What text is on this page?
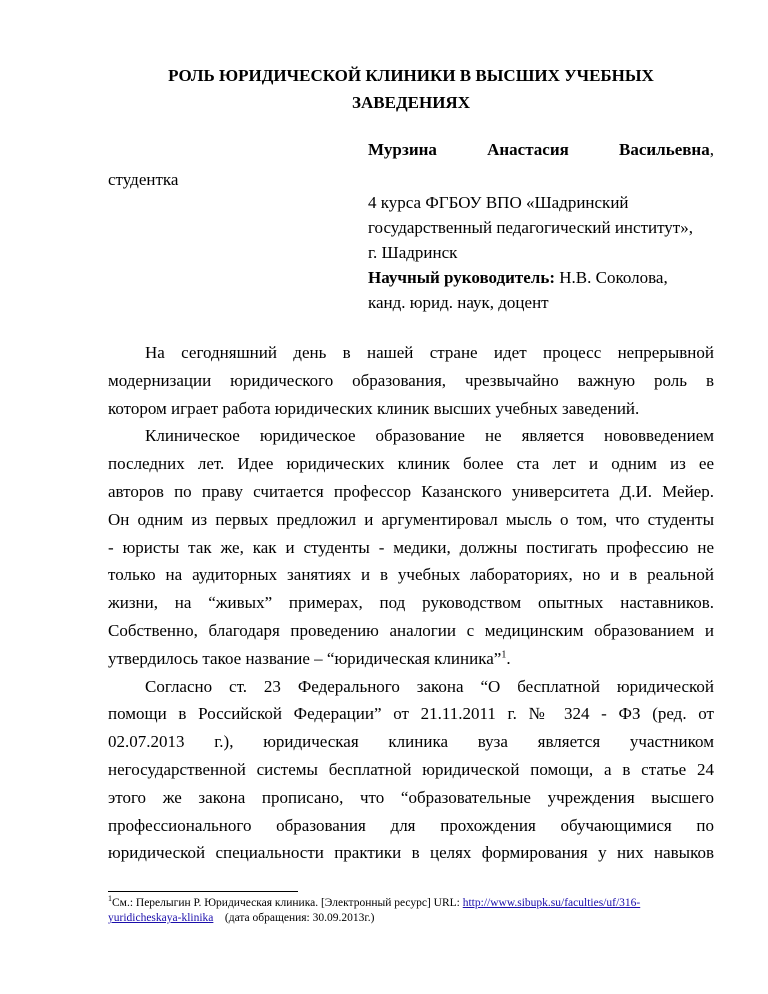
РОЛЬ ЮРИДИЧЕСКОЙ КЛИНИКИ В ВЫСШИХ УЧЕБНЫХ
ЗАВЕДЕНИЯХ
Мурзина	Анастасия	Васильевна,
студентка
4 курса ФГБОУ ВПО «Шадринский
государственный педагогический институт»,
г. Шадринск
Научный руководитель: Н.В. Соколова,
канд. юрид. наук, доцент
На сегодняшний день в нашей стране идет процесс непрерывной
модернизации юридического образования, чрезвычайно важную роль в
котором играет работа юридических клиник высших учебных заведений.
Клиническое юридическое образование не является нововведением
последних лет. Идее юридических клиник более ста лет и одним из ее
авторов по праву считается профессор Казанского университета Д.И. Мейер.
Он одним из первых предложил и аргументировал мысль о том, что студенты
- юристы так же, как и студенты - медики, должны постигать профессию не
только на аудиторных занятиях и в учебных лабораториях, но и в реальной
жизни, на “живых” примерах, под руководством опытных наставников.
Собственно, благодаря проведению аналогии с медицинским образованием и
утвердилось такое название – “юридическая клиника”$^1$.
Согласно ст. 23 Федерального закона “О бесплатной юридической
помощи в Российской Федерации” от 21.11.2011 г. № 324 - ФЗ (ред. от
02.07.2013 г.), юридическая клиника вуза является участником
негосударственной системы бесплатной юридической помощи, а в статье 24
этого же закона прописано, что “образовательные учреждения высшего
профессионального образования для прохождения обучающимися по
юридической специальности практики в целях формирования у них навыков
$^1$См.: Перелыгин Р. Юридическая клиника. [Электронный ресурс] URL: http://www.sibupk.su/faculties/uf/316-
yuridicheskaya-klinika    (дата обращения: 30.09.2013г.)
